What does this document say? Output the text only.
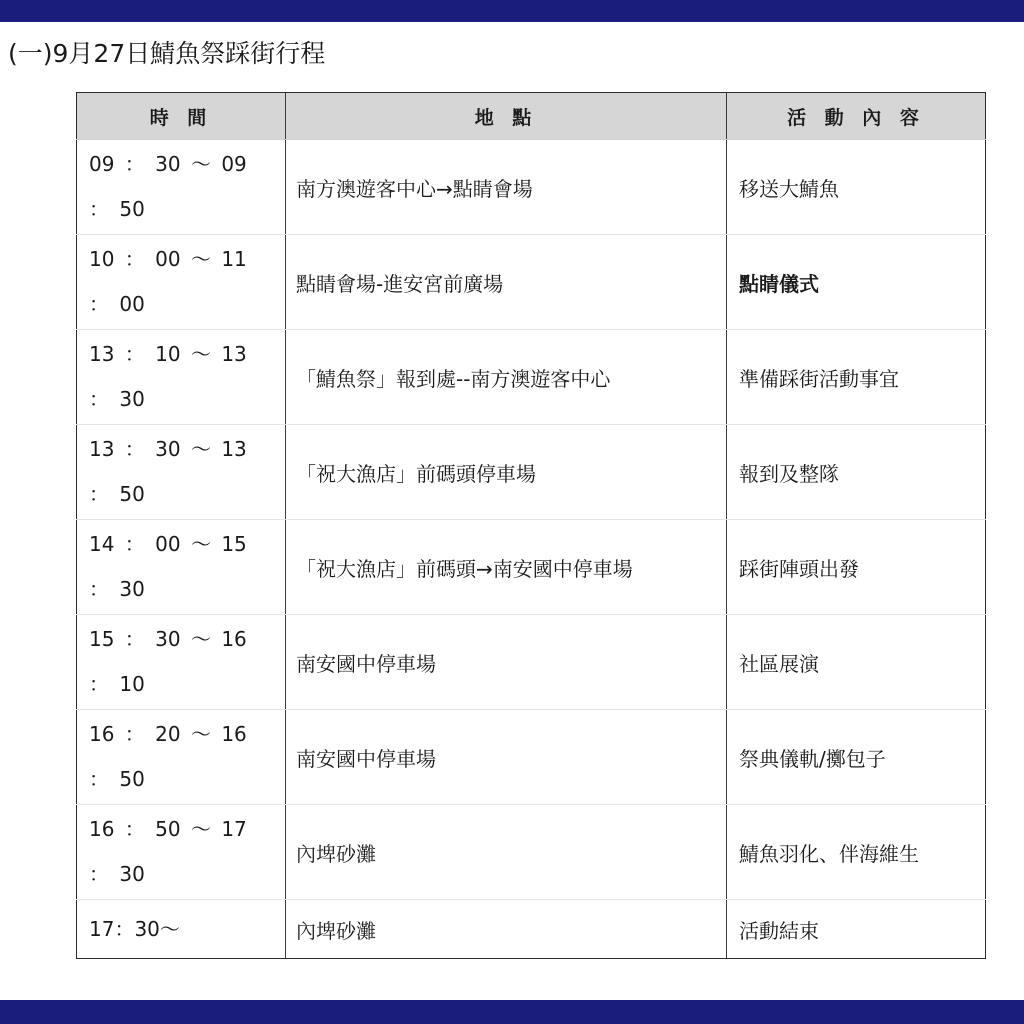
(一)9月27日鯖魚祭踩街行程
時 間	地 點	活 動 內 容
09 ： 30 ～ 09 ： 50	南方澳遊客中心→點睛會場	移送大鯖魚
10 ： 00 ～ 11 ： 00	點睛會場-進安宮前廣場	點睛儀式
13 ： 10 ～ 13 ： 30	「鯖魚祭」報到處--南方澳遊客中心	準備踩街活動事宜
13 ： 30 ～ 13 ： 50	「祝大漁店」前碼頭停車場	報到及整隊
14 ： 00 ～ 15 ： 30	「祝大漁店」前碼頭→南安國中停車場	踩街陣頭出發
15 ： 30 ～ 16 ： 10	南安國中停車場	社區展演
16 ： 20 ～ 16 ： 50	南安國中停車場	祭典儀軌/擲包子
16 ： 50 ～ 17 ： 30	內埤砂灘	鯖魚羽化、伴海維生
17：30～	內埤砂灘	活動結束
